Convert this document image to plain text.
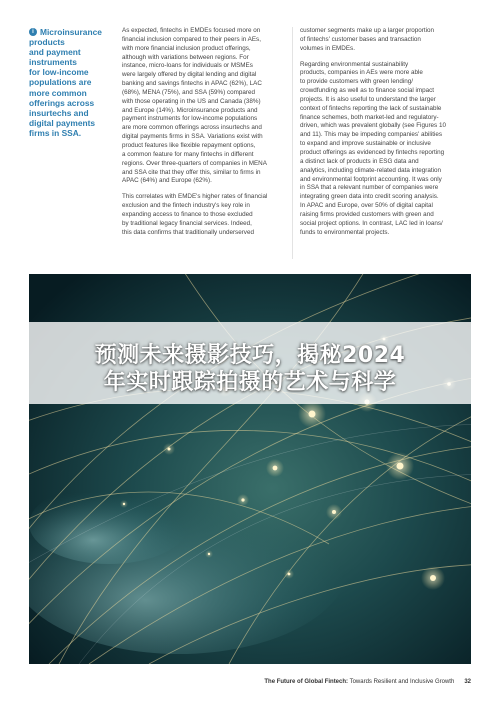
i Microinsurance
products
and payment
instruments
for low-income
populations are
more common
offerings across
insurtechs and
digital payments
firms in SSA.

As expected, fintechs in EMDEs focused more on
financial inclusion compared to their peers in AEs,
with more financial inclusion product offerings,
although with variations between regions. For
instance, micro-loans for individuals or MSMEs
were largely offered by digital lending and digital
banking and savings fintechs in APAC (62%), LAC
(68%), MENA (75%), and SSA (59%) compared
with those operating in the US and Canada (38%)
and Europe (14%). Microinsurance products and
payment instruments for low-income populations
are more common offerings across insurtechs and
digital payments firms in SSA. Variations exist with
product features like flexible repayment options,
a common feature for many fintechs in different
regions. Over three-quarters of companies in MENA
and SSA cite that they offer this, similar to firms in
APAC (64%) and Europe (62%).

This correlates with EMDE's higher rates of financial
exclusion and the fintech industry's key role in
expanding access to finance to those excluded
by traditional legacy financial services. Indeed,
this data confirms that traditionally underserved

customer segments make up a larger proportion
of fintechs' customer bases and transaction
volumes in EMDEs.

Regarding environmental sustainability
products, companies in AEs were more able
to provide customers with green lending/
crowdfunding as well as to finance social impact
projects. It is also useful to understand the larger
context of fintechs reporting the lack of sustainable
finance schemes, both market-led and regulatory-
driven, which was prevalent globally (see Figures 10
and 11). This may be impeding companies' abilities
to expand and improve sustainable or inclusive
product offerings as evidenced by fintechs reporting
a distinct lack of products in ESG data and
analytics, including climate-related data integration
and environmental footprint accounting. It was only
in SSA that a relevant number of companies were
integrating green data into credit scoring analysis.
In APAC and Europe, over 50% of digital capital
raising firms provided customers with green and
social project options. In contrast, LAC led in loans/
funds to environmental projects.

预测未来摄影技巧，揭秘2024
年实时跟踪拍摄的艺术与科学
The Future of Global Fintech: Towards Resilient and Inclusive Growth 32
